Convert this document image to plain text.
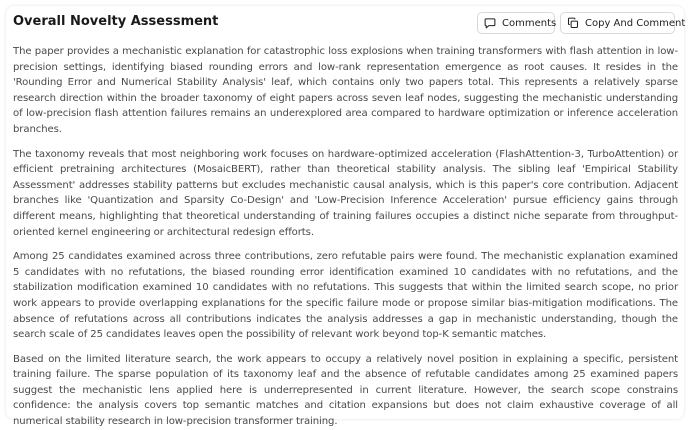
Overall Novelty Assessment	Comments	Copy And Comment

The paper provides a mechanistic explanation for catastrophic loss explosions when training transformers with flash attention in low-precision settings, identifying biased rounding errors and low-rank representation emergence as root causes. It resides in the 'Rounding Error and Numerical Stability Analysis' leaf, which contains only two papers total. This represents a relatively sparse research direction within the broader taxonomy of eight papers across seven leaf nodes, suggesting the mechanistic understanding of low-precision flash attention failures remains an underexplored area compared to hardware optimization or inference acceleration branches.

The taxonomy reveals that most neighboring work focuses on hardware-optimized acceleration (FlashAttention-3, TurboAttention) or efficient pretraining architectures (MosaicBERT), rather than theoretical stability analysis. The sibling leaf 'Empirical Stability Assessment' addresses stability patterns but excludes mechanistic causal analysis, which is this paper's core contribution. Adjacent branches like 'Quantization and Sparsity Co-Design' and 'Low-Precision Inference Acceleration' pursue efficiency gains through different means, highlighting that theoretical understanding of training failures occupies a distinct niche separate from throughput-oriented kernel engineering or architectural redesign efforts.

Among 25 candidates examined across three contributions, zero refutable pairs were found. The mechanistic explanation examined 5 candidates with no refutations, the biased rounding error identification examined 10 candidates with no refutations, and the stabilization modification examined 10 candidates with no refutations. This suggests that within the limited search scope, no prior work appears to provide overlapping explanations for the specific failure mode or propose similar bias-mitigation modifications. The absence of refutations across all contributions indicates the analysis addresses a gap in mechanistic understanding, though the search scale of 25 candidates leaves open the possibility of relevant work beyond top-K semantic matches.

Based on the limited literature search, the work appears to occupy a relatively novel position in explaining a specific, persistent training failure. The sparse population of its taxonomy leaf and the absence of refutable candidates among 25 examined papers suggest the mechanistic lens applied here is underrepresented in current literature. However, the search scope constrains confidence: the analysis covers top semantic matches and citation expansions but does not claim exhaustive coverage of all numerical stability research in low-precision transformer training.
